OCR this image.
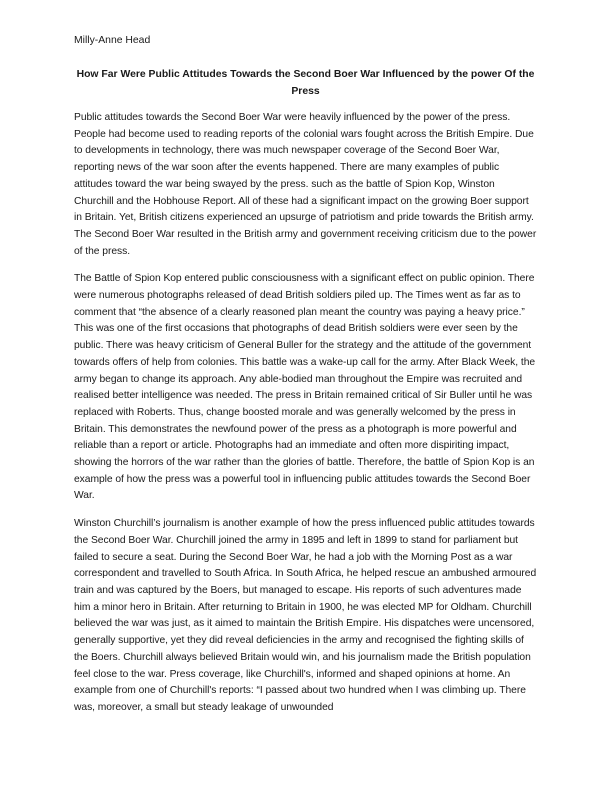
Milly-Anne Head
How Far Were Public Attitudes Towards the Second Boer War Influenced by the power Of the Press

Public attitudes towards the Second Boer War were heavily influenced by the power of the press. People had become used to reading reports of the colonial wars fought across the British Empire. Due to developments in technology, there was much newspaper coverage of the Second Boer War, reporting news of the war soon after the events happened. There are many examples of public attitudes toward the war being swayed by the press. such as the battle of Spion Kop, Winston Churchill and the Hobhouse Report. All of these had a significant impact on the growing Boer support in Britain. Yet, British citizens experienced an upsurge of patriotism and pride towards the British army. The Second Boer War resulted in the British army and government receiving criticism due to the power of the press.

The Battle of Spion Kop entered public consciousness with a significant effect on public opinion. There were numerous photographs released of dead British soldiers piled up. The Times went as far as to comment that “the absence of a clearly reasoned plan meant the country was paying a heavy price.” This was one of the first occasions that photographs of dead British soldiers were ever seen by the public. There was heavy criticism of General Buller for the strategy and the attitude of the government towards offers of help from colonies. This battle was a wake-up call for the army. After Black Week, the army began to change its approach. Any able-bodied man throughout the Empire was recruited and realised better intelligence was needed. The press in Britain remained critical of Sir Buller until he was replaced with Roberts. Thus, change boosted morale and was generally welcomed by the press in Britain. This demonstrates the newfound power of the press as a photograph is more powerful and reliable than a report or article. Photographs had an immediate and often more dispiriting impact, showing the horrors of the war rather than the glories of battle. Therefore, the battle of Spion Kop is an example of how the press was a powerful tool in influencing public attitudes towards the Second Boer War.

Winston Churchill’s journalism is another example of how the press influenced public attitudes towards the Second Boer War. Churchill joined the army in 1895 and left in 1899 to stand for parliament but failed to secure a seat. During the Second Boer War, he had a job with the Morning Post as a war correspondent and travelled to South Africa. In South Africa, he helped rescue an ambushed armoured train and was captured by the Boers, but managed to escape. His reports of such adventures made him a minor hero in Britain. After returning to Britain in 1900, he was elected MP for Oldham. Churchill believed the war was just, as it aimed to maintain the British Empire. His dispatches were uncensored, generally supportive, yet they did reveal deficiencies in the army and recognised the fighting skills of the Boers. Churchill always believed Britain would win, and his journalism made the British population feel close to the war. Press coverage, like Churchill's, informed and shaped opinions at home. An example from one of Churchill's reports: “I passed about two hundred when I was climbing up. There was, moreover, a small but steady leakage of unwounded
